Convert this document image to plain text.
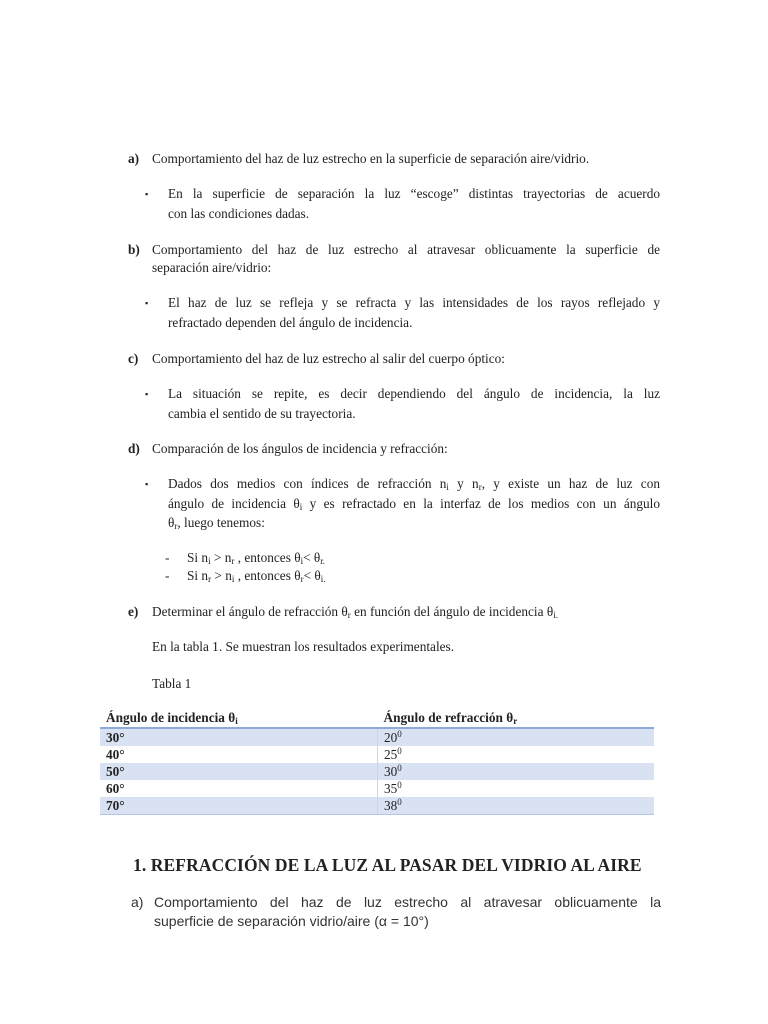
a) Comportamiento del haz de luz estrecho en la superficie de separación aire/vidrio.
▪ En la superficie de separación la luz “escoge” distintas trayectorias de acuerdo
con las condiciones dadas.
b) Comportamiento del haz de luz estrecho al atravesar oblicuamente la superficie de
separación aire/vidrio:
▪ El haz de luz se refleja y se refracta y las intensidades de los rayos reflejado y
refractado dependen del ángulo de incidencia.
c) Comportamiento del haz de luz estrecho al salir del cuerpo óptico:
▪ La situación se repite, es decir dependiendo del ángulo de incidencia, la luz
cambia el sentido de su trayectoria.
d) Comparación de los ángulos de incidencia y refracción:
▪ Dados dos medios con índices de refracción $n_i$ y $n_r$, y existe un haz de luz con
ángulo de incidencia $\theta_i$ y es refractado en la interfaz de los medios con un ángulo
$\theta_r$, luego tenemos:
- Si $n_i > n_r$ , entonces $\theta_i< \theta_{r.}$
- Si $n_r > n_i$ , entonces $\theta_r< \theta_{i.}$
e) Determinar el ángulo de refracción $\theta_r$ en función del ángulo de incidencia $\theta_{i.}$
En la tabla 1. Se muestran los resultados experimentales.
Tabla 1
Ángulo de incidencia $\theta_i$	Ángulo de refracción $\theta_r$
30°	$20^0$
40°	$25^0$
50°	$30^0$
60°	$35^0$
70°	$38^0$
1. REFRACCIÓN DE LA LUZ AL PASAR DEL VIDRIO AL AIRE
a) Comportamiento del haz de luz estrecho al atravesar oblicuamente la
superficie de separación vidrio/aire (α = 10°)
